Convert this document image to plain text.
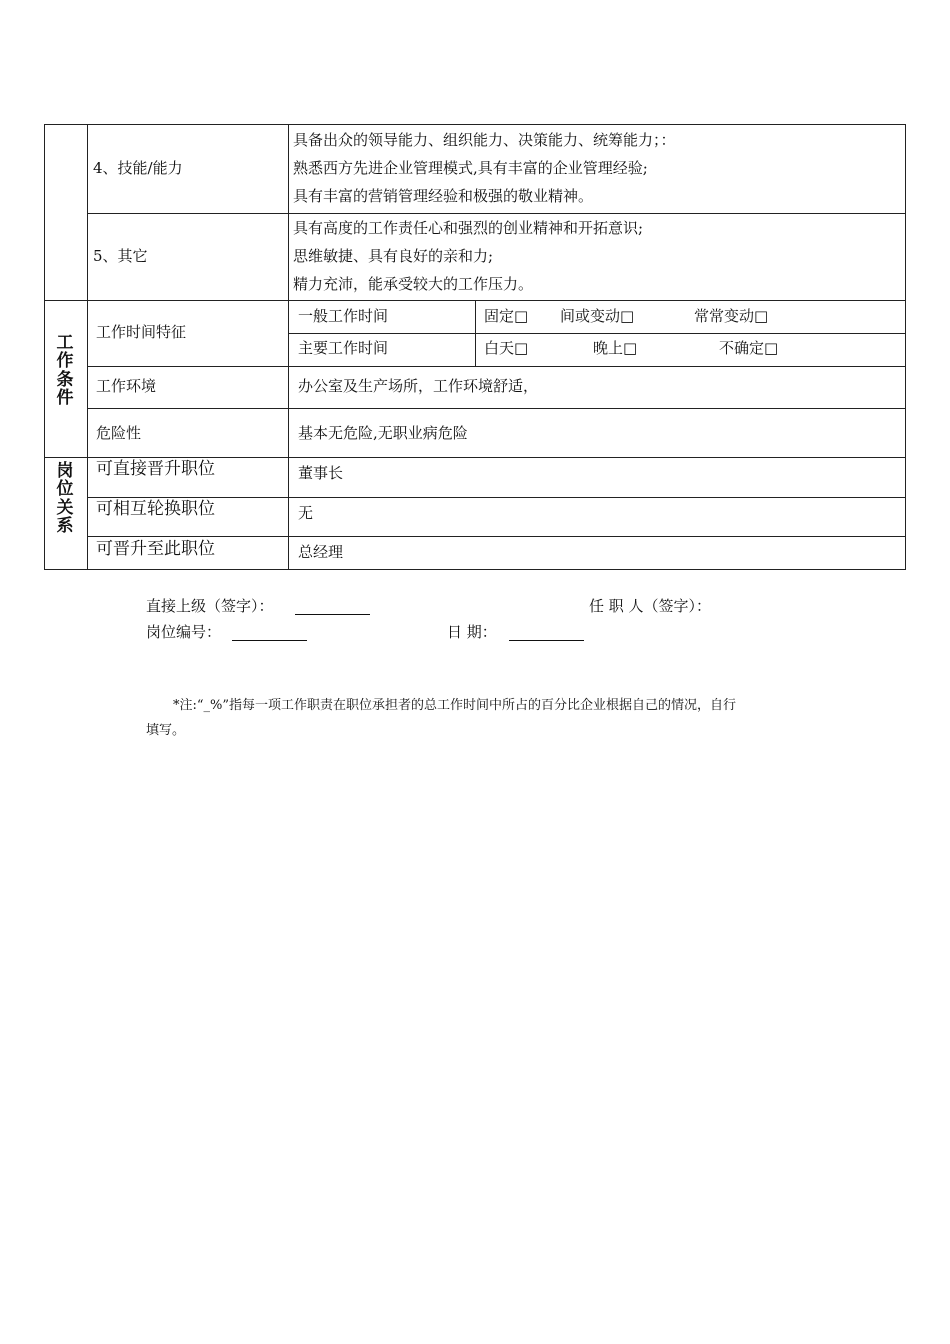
4、技能/能力
具备出众的领导能力、组织能力、决策能力、统筹能力；：
熟悉西方先进企业管理模式,具有丰富的企业管理经验;
具有丰富的营销管理经验和极强的敬业精神。
5、其它
具有高度的工作责任心和强烈的创业精神和开拓意识;
思维敏捷、具有良好的亲和力;
精力充沛，能承受较大的工作压力。
工
作
条
件
工作时间特征
一般工作时间	固定□ 间或变动□	常常变动□
主要工作时间	白天□	晚上□	不确定□
工作环境	办公室及生产场所，工作环境舒适，
危险性	基本无危险,无职业病危险
岗
位
关
系
可直接晋升职位	董事长
可相互轮换职位	无
可晋升至此职位	总经理
直接上级（签字）：	任 职 人（签字）：
岗位编号：	日 期：
*注:“_%”指每一项工作职责在职位承担者的总工作时间中所占的百分比企业根据自己的情况，自行
填写。
